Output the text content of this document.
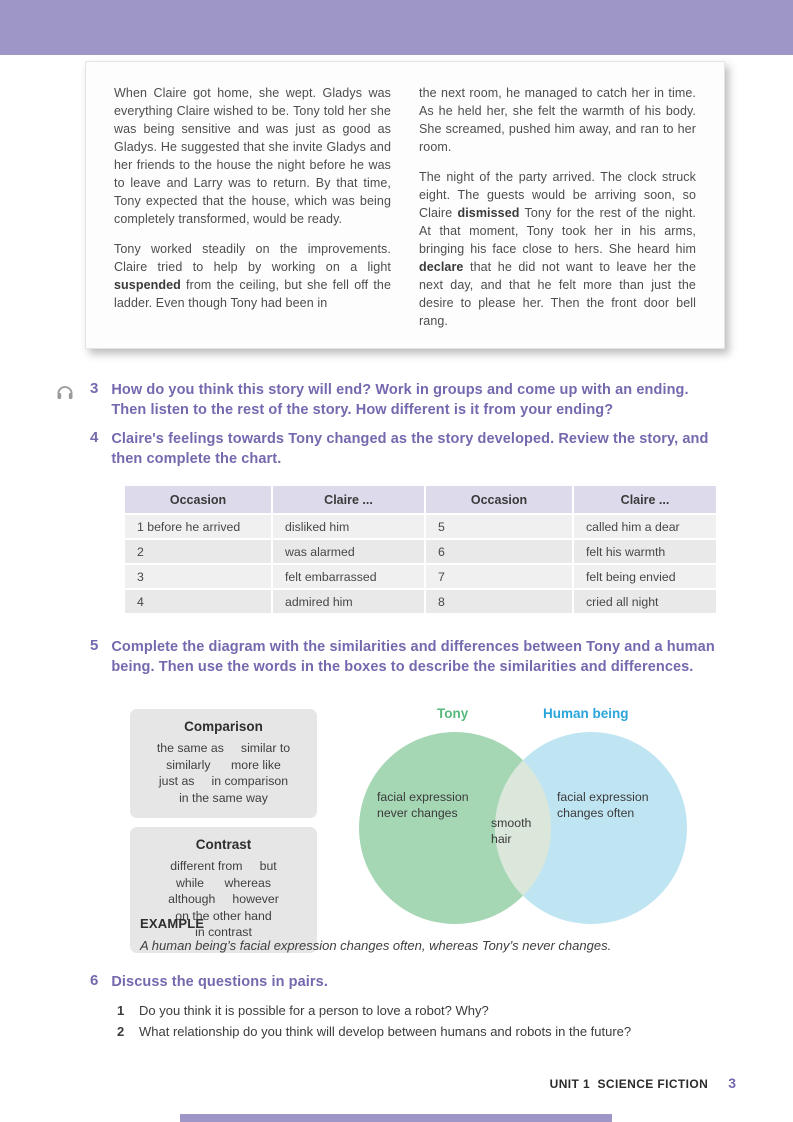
When Claire got home, she wept. Gladys was everything Claire wished to be. Tony told her she was being sensitive and was just as good as Gladys. He suggested that she invite Gladys and her friends to the house the night before he was to leave and Larry was to return. By that time, Tony expected that the house, which was being completely transformed, would be ready.

Tony worked steadily on the improvements. Claire tried to help by working on a light suspended from the ceiling, but she fell off the ladder. Even though Tony had been in

the next room, he managed to catch her in time. As he held her, she felt the warmth of his body. She screamed, pushed him away, and ran to her room.

The night of the party arrived. The clock struck eight. The guests would be arriving soon, so Claire dismissed Tony for the rest of the night. At that moment, Tony took her in his arms, bringing his face close to hers. She heard him declare that he did not want to leave her the next day, and that he felt more than just the desire to please her. Then the front door bell rang.

3 How do you think this story will end? Work in groups and come up with an ending. Then listen to the rest of the story. How different is it from your ending?
4 Claire's feelings towards Tony changed as the story developed. Review the story, and then complete the chart.
Occasion	Claire ...	Occasion	Claire ...
1 before he arrived	disliked him	5	called him a dear
2	was alarmed	6	felt his warmth
3	felt embarrassed	7	felt being envied
4	admired him	8	cried all night
5 Complete the diagram with the similarities and differences between Tony and a human being. Then use the words in the boxes to describe the similarities and differences.
Comparison
the same as     similar to
similarly      more like
just as     in comparison
in the same way
Contrast
different from     but
while      whereas
although     however
on the other hand
in contrast
Tony	Human being
facial expression never changes
smooth hair
facial expression changes often
EXAMPLE
A human being’s facial expression changes often, whereas Tony’s never changes.
6 Discuss the questions in pairs.
1	Do you think it is possible for a person to love a robot? Why?
2	What relationship do you think will develop between humans and robots in the future?
UNIT 1  SCIENCE FICTION 3
